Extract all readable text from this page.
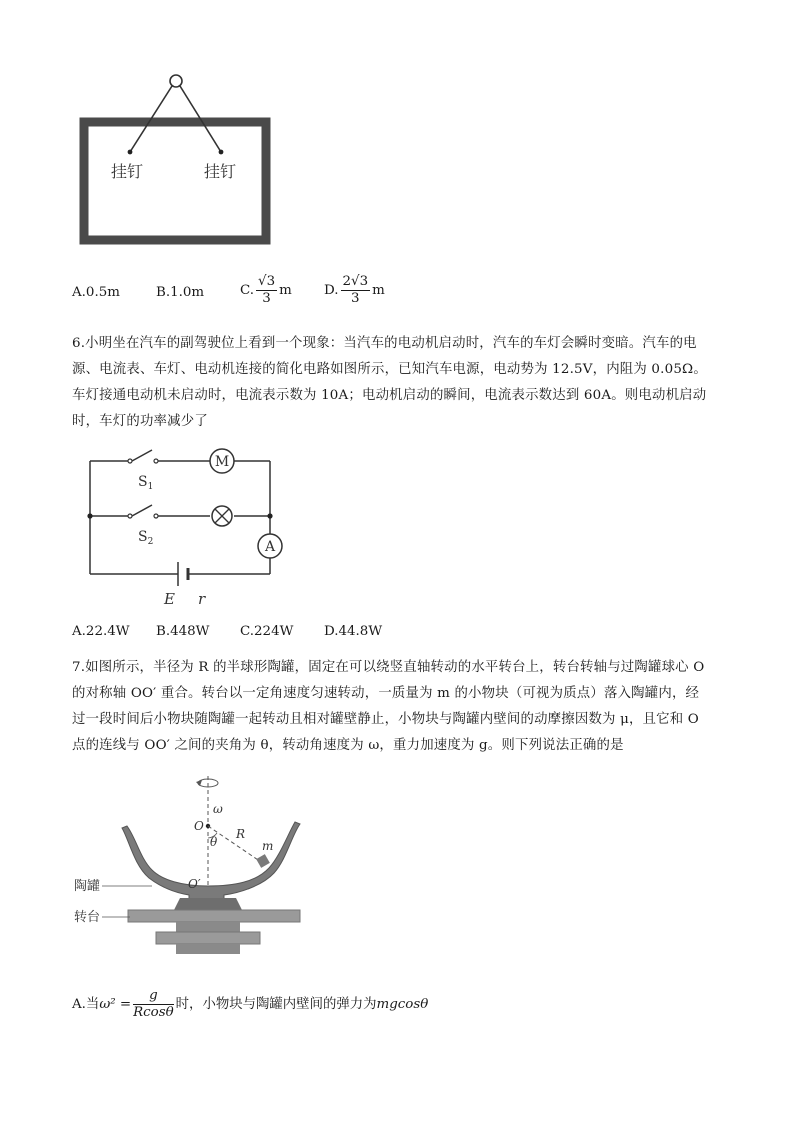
挂钉	挂钉
A.0.5m	B.1.0m	C. $\frac{√3}{3}$ m D. $\frac{2√3}{3}$ m
6.小明坐在汽车的副驾驶位上看到一个现象：当汽车的电动机启动时，汽车的车灯会瞬时变暗。汽车的电
源、电流表、车灯、电动机连接的简化电路如图所示，已知汽车电源，电动势为 12.5V，内阻为 0.05Ω。
车灯接通电动机未启动时，电流表示数为 10A；电动机启动的瞬间，电流表示数达到 60A。则电动机启动
时，车灯的功率减少了
M
A
$S_1$
$S_2$
E r
A.22.4W B.448W C.224W D.44.8W
7.如图所示，半径为 R 的半球形陶罐，固定在可以绕竖直轴转动的水平转台上，转台转轴与过陶罐球心 O
的对称轴 OO′ 重合。转台以一定角速度匀速转动，一质量为 m 的小物块（可视为质点）落入陶罐内，经
过一段时间后小物块随陶罐一起转动且相对罐壁静止，小物块与陶罐内壁间的动摩擦因数为 μ，且它和 O
点的连线与 OO′ 之间的夹角为 θ，转动角速度为 ω，重力加速度为 g。则下列说法正确的是
ω
O
θ
R
m
O′
陶罐
转台
A.当$\omega^2 = \frac{g}{Rcos\theta}$ 时，小物块与陶罐内壁间的弹力为mgcosθ
